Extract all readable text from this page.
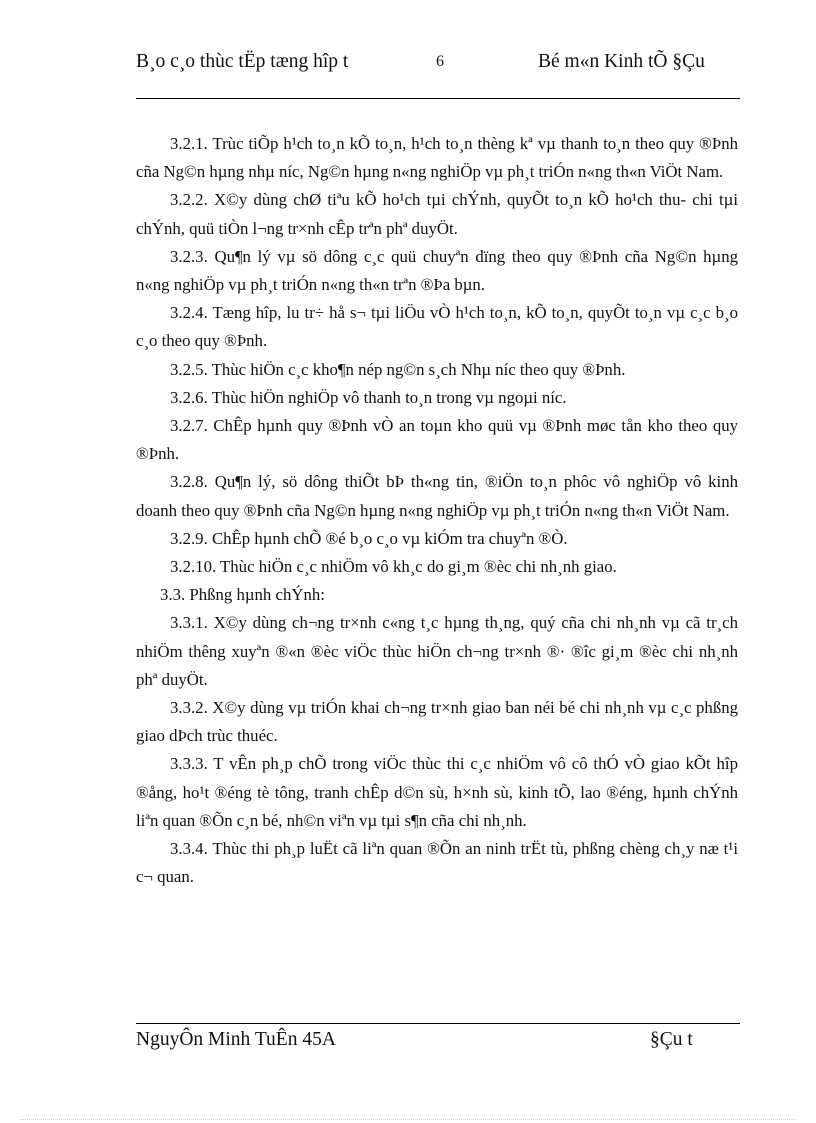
B¸o c¸o thùc tËp tæng hîp t	6	Bé m«n Kinh tÕ §Çu

3.2.1. Trùc tiÕp h¹ch to¸n kÕ to¸n, h¹ch to¸n thèng kª vµ thanh to¸n theo quy ®Þnh cña Ng©n hµng nhµ níc, Ng©n hµng n«ng nghiÖp vµ ph¸t triÓn n«ng th«n ViÖt Nam.

3.2.2. X©y dùng chØ tiªu kÕ ho¹ch tµi chÝnh, quyÕt to¸n kÕ ho¹ch thu- chi tµi chÝnh, quü tiÒn l¬ng tr×nh cÊp trªn phª duyÖt.

3.2.3. Qu¶n lý vµ sö dông c¸c quü chuyªn dïng theo quy ®Þnh cña Ng©n hµng n«ng nghiÖp vµ ph¸t triÓn n«ng th«n trªn ®Þa bµn.

3.2.4. Tæng hîp, lu tr÷ hå s¬ tµi liÖu vÒ h¹ch to¸n, kÕ to¸n, quyÕt to¸n vµ c¸c b¸o c¸o theo quy ®Þnh.

3.2.5. Thùc hiÖn c¸c kho¶n nép ng©n s¸ch Nhµ níc theo quy ®Þnh.

3.2.6. Thùc hiÖn nghiÖp vô thanh to¸n trong vµ ngoµi níc.

3.2.7. ChÊp hµnh quy ®Þnh vÒ an toµn kho quü vµ ®Þnh møc tån kho theo quy ®Þnh.

3.2.8. Qu¶n lý, sö dông thiÕt bÞ th«ng tin, ®iÖn to¸n phôc vô nghiÖp vô kinh doanh theo quy ®Þnh cña Ng©n hµng n«ng nghiÖp vµ ph¸t triÓn n«ng th«n ViÖt Nam.

3.2.9. ChÊp hµnh chÕ ®é b¸o c¸o vµ kiÓm tra chuyªn ®Ò.

3.2.10. Thùc hiÖn c¸c nhiÖm vô kh¸c do gi¸m ®èc chi nh¸nh giao.

3.3. Phßng hµnh chÝnh:

3.3.1. X©y dùng ch¬ng tr×nh c«ng t¸c hµng th¸ng, quý cña chi nh¸nh vµ cã tr¸ch nhiÖm thêng xuyªn ®«n ®èc viÖc thùc hiÖn ch¬ng tr×nh ®· ®îc gi¸m ®èc chi nh¸nh phª duyÖt.

3.3.2. X©y dùng vµ triÓn khai ch¬ng tr×nh giao ban néi bé chi nh¸nh vµ c¸c phßng giao dÞch trùc thuéc.

3.3.3. T vÊn ph¸p chÕ trong viÖc thùc thi c¸c nhiÖm vô cô thÓ vÒ giao kÕt hîp ®ång, ho¹t ®éng tè tông, tranh chÊp d©n sù, h×nh sù, kinh tÕ, lao ®éng, hµnh chÝnh liªn quan ®Õn c¸n bé, nh©n viªn vµ tµi s¶n cña chi nh¸nh.

3.3.4. Thùc thi ph¸p luËt cã liªn quan ®Õn an ninh trËt tù, phßng chèng ch¸y næ t¹i c¬ quan.

NguyÔn Minh TuÊn 45A	§Çu t
